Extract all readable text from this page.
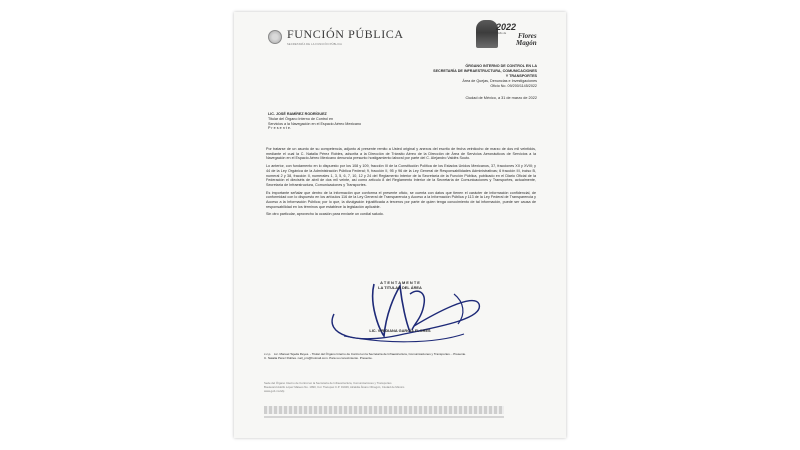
FUNCIÓN PÚBLICA
SECRETARÍA DE LA FUNCIÓN PÚBLICA
2022
Año de Flores
Magón
ÓRGANO INTERNO DE CONTROL EN LA
SECRETARÍA DE INFRAESTRUCTURA, COMUNICACIONES
Y TRANSPORTES
Área de Quejas, Denuncias e Investigaciones
Oficio No. 09/200/1145/2022
Ciudad de México, a 31 de marzo de 2022
LIC. JOSÉ RAMÍREZ RODRÍGUEZ
Titular del Órgano Interno de Control en
Servicios a la Navegación en el Espacio Aéreo Mexicano
P r e s e n t e.

Por tratarse de un asunto de su competencia, adjunto al presente remito a Usted original y anexos del escrito de fecha veintiocho de marzo de dos mil veintidós, mediante el cual la C. Natalia Pérez Robles, adscrita a la Dirección de Tránsito Aéreo de la Dirección de Área de Servicios Aeronáuticos de Servicios a la Navegación en el Espacio Aéreo Mexicano denuncia presunto hostigamiento laboral por parte del C. Alejandro Valdés Souto.

Lo anterior, con fundamento en lo dispuesto por los 108 y 109, fracción III de la Constitución Política de los Estados Unidos Mexicanos, 37, fracciones XII y XVIII; y 44 de la Ley Orgánica de la Administración Pública Federal; 9, fracción II, 95 y 96 de la Ley General de Responsabilidades Administrativas; 6 fracción III, inciso B, numeral 2 y 38, fracción II, numerales 1, 3, 5, 6, 7, 10, 12 y 24 del Reglamento Interior de la Secretaría de la Función Pública, publicado en el Diario Oficial de la Federación el dieciséis de abril de dos mil veinte, así como artículo 8 del Reglamento Interior de la Secretaría de Comunicaciones y Transportes, actualmente, Secretaría de Infraestructura, Comunicaciones y Transportes.

Es importante señalar que dentro de la información que conforma el presente oficio, se cuenta con datos que tienen el carácter de información confidencial, de conformidad con lo dispuesto en los artículos 116 de la Ley General de Transparencia y Acceso a la Información Pública y 113 de la Ley Federal de Transparencia y Acceso a la Información Pública; por lo que, la divulgación injustificada a terceros por parte de quien tenga conocimiento de tal información, puede ser causa de responsabilidad en los términos que establece la legislación aplicable.

Sin otro particular, aprovecho la ocasión para enviarle un cordial saludo.

A T E N T A M E N T E
LA TITULAR DEL ÁREA
LIC. VIRIDIANA GARCÍA FLORES
c.c.p. Lic. Manuel Tejeda Reyes. - Titular del Órgano Interno de Control en la Secretaría de Infraestructura, Comunicaciones y Transportes. - Presente.
C. Natalia Pérez Robles. natl_pm@hotmail.com. Para su conocimiento. Presente.
Sede del Órgano Interno de Control en la Secretaría de Infraestructura, Comunicaciones y Transportes
Boulevard Adolfo López Mateos No. 1990, Col. Tlacopac C.P. 01049, Alcaldía Álvaro Obregón, Ciudad de México
www.gob.mx/sfp
